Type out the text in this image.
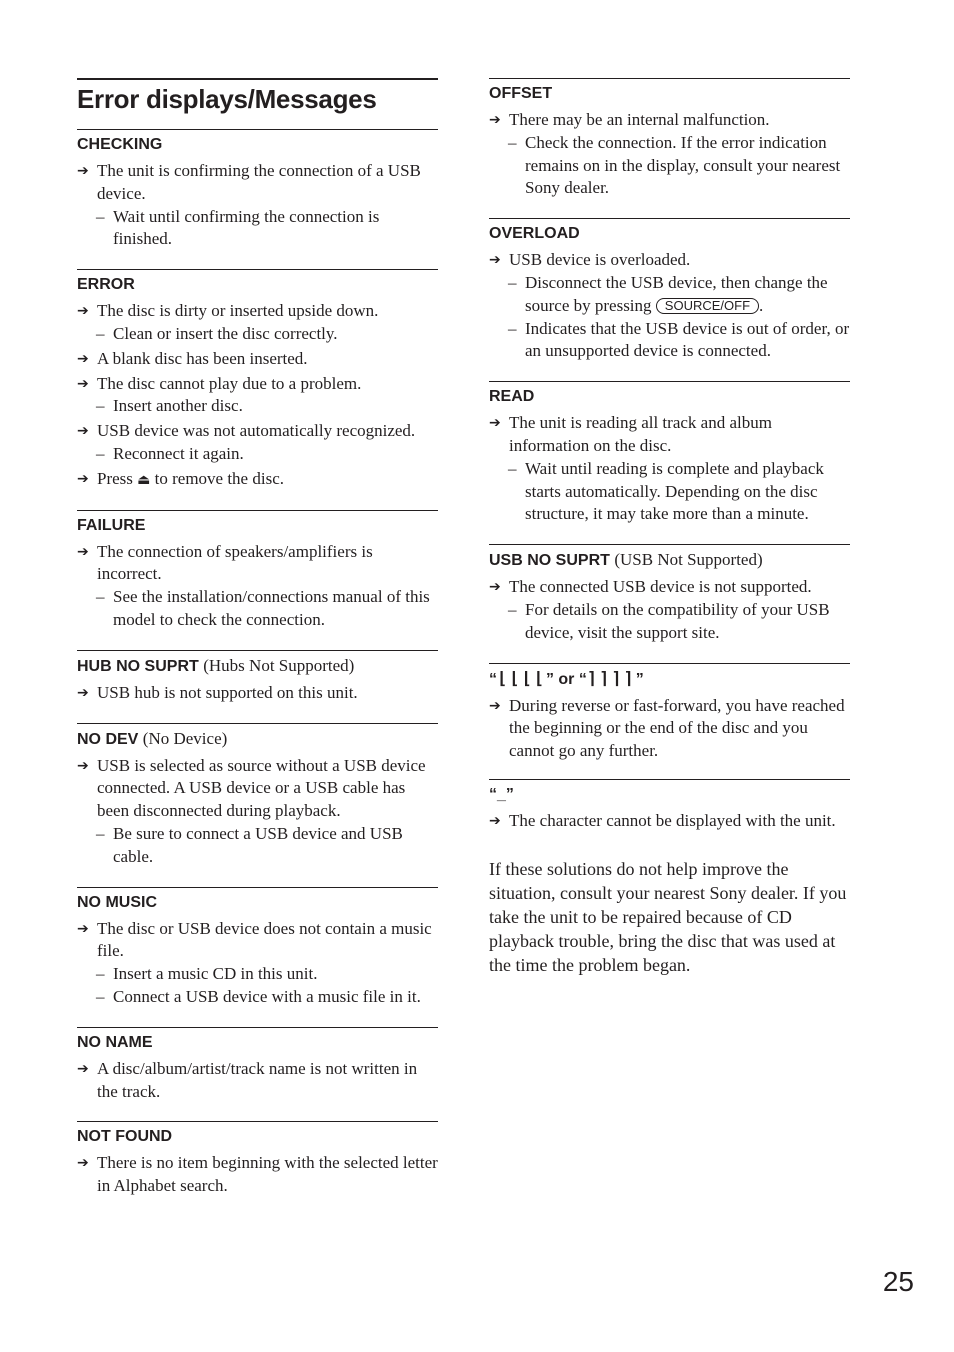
Error displays/Messages
CHECKING
➔ The unit is confirming the connection of a USB device.
– Wait until confirming the connection is finished.
ERROR
➔ The disc is dirty or inserted upside down.
– Clean or insert the disc correctly.
➔ A blank disc has been inserted.
➔ The disc cannot play due to a problem.
– Insert another disc.
➔ USB device was not automatically recognized.
– Reconnect it again.
➔ Press ⏏ to remove the disc.
FAILURE
➔ The connection of speakers/amplifiers is incorrect.
– See the installation/connections manual of this model to check the connection.
HUB NO SUPRT (Hubs Not Supported)
➔ USB hub is not supported on this unit.
NO DEV (No Device)
➔ USB is selected as source without a USB device connected. A USB device or a USB cable has been disconnected during playback.
– Be sure to connect a USB device and USB cable.
NO MUSIC
➔ The disc or USB device does not contain a music file.
– Insert a music CD in this unit.
– Connect a USB device with a music file in it.
NO NAME
➔ A disc/album/artist/track name is not written in the track.
NOT FOUND
➔ There is no item beginning with the selected letter in Alphabet search.
OFFSET
➔ There may be an internal malfunction.
– Check the connection. If the error indication remains on in the display, consult your nearest Sony dealer.
OVERLOAD
➔ USB device is overloaded.
– Disconnect the USB device, then change the source by pressing SOURCE/OFF .
– Indicates that the USB device is out of order, or an unsupported device is connected.
READ
➔ The unit is reading all track and album information on the disc.
– Wait until reading is complete and playback starts automatically. Depending on the disc structure, it may take more than a minute.
USB NO SUPRT (USB Not Supported)
➔ The connected USB device is not supported.
– For details on the compatibility of your USB device, visit the support site.
“⌊⌊⌊⌊” or “⌉⌉⌉⌉”
➔ During reverse or fast-forward, you have reached the beginning or the end of the disc and you cannot go any further.
“_”
➔ The character cannot be displayed with the unit.
If these solutions do not help improve the situation, consult your nearest Sony dealer. If you take the unit to be repaired because of CD playback trouble, bring the disc that was used at the time the problem began.
25
